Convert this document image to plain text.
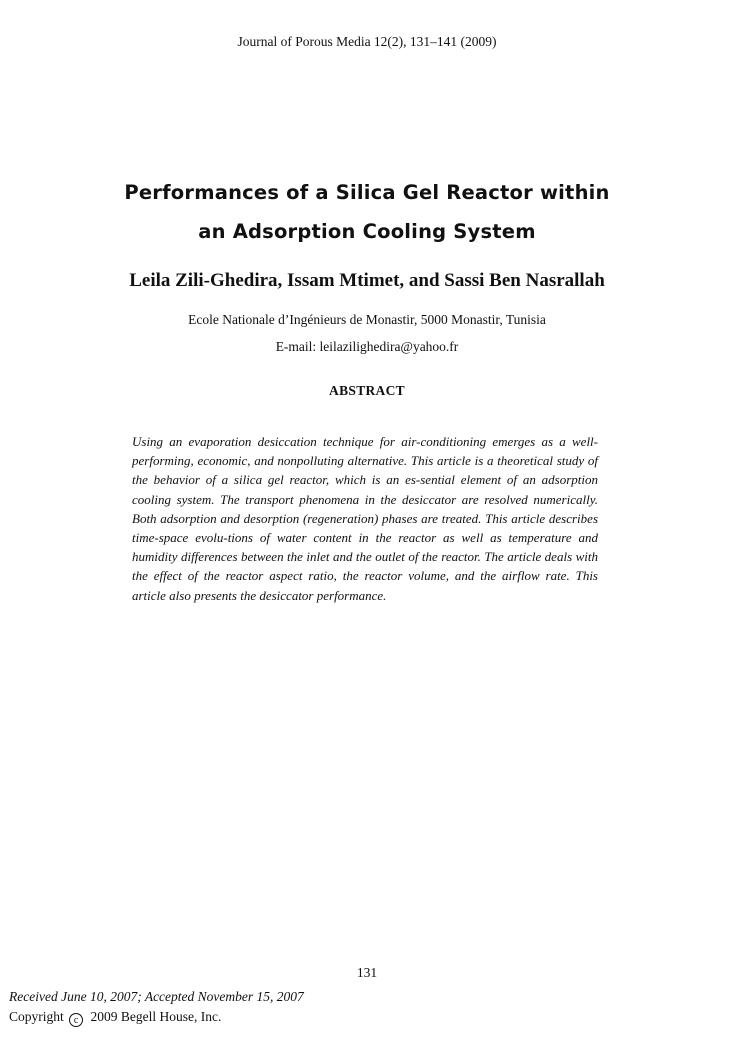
Journal of Porous Media 12(2), 131–141 (2009)
Performances of a Silica Gel Reactor within
an Adsorption Cooling System
Leila Zili-Ghedira, Issam Mtimet, and Sassi Ben Nasrallah
Ecole Nationale d’Ingénieurs de Monastir, 5000 Monastir, Tunisia
E-mail: leilazilighedira@yahoo.fr
ABSTRACT

Using an evaporation desiccation technique for air-conditioning emerges as a well-performing, economic, and nonpolluting alternative. This article is a theoretical study of the behavior of a silica gel reactor, which is an es-sential element of an adsorption cooling system. The transport phenomena in the desiccator are resolved numerically. Both adsorption and desorption (regeneration) phases are treated. This article describes time-space evolu-tions of water content in the reactor as well as temperature and humidity differences between the inlet and the outlet of the reactor. The article deals with the effect of the reactor aspect ratio, the reactor volume, and the airflow rate. This article also presents the desiccator performance.

131
Received June 10, 2007; Accepted November 15, 2007
Copyright c 2009 Begell House, Inc.
